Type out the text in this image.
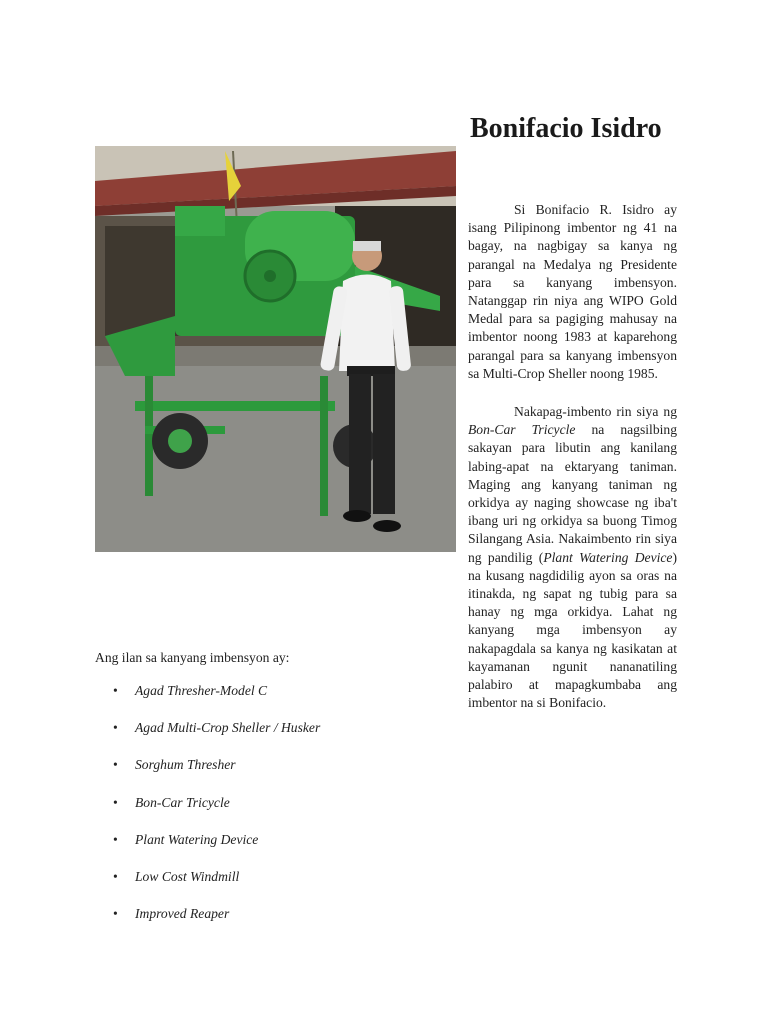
Bonifacio Isidro

Si Bonifacio R. Isidro ay isang Pilipinong imbentor ng 41 na bagay, na nagbigay sa kanya ng parangal na Medalya ng Presidente para sa kanyang imbensyon. Natanggap rin niya ang WIPO Gold Medal para sa pagiging mahusay na imbentor noong 1983 at kaparehong parangal para sa kanyang imbensyon sa Multi-Crop Sheller noong 1985.

Nakapag-imbento rin siya ng Bon-Car Tricycle na nagsilbing sakayan para libutin ang kanilang labing-apat na ektaryang taniman. Maging ang kanyang taniman ng orkidya ay naging showcase ng iba't ibang uri ng orkidya sa buong Timog Silangang Asia. Nakaimbento rin siya ng pandilig (Plant Watering Device) na kusang nagdidilig ayon sa oras na itinakda, ng sapat ng tubig para sa hanay ng mga orkidya. Lahat ng kanyang mga imbensyon ay nakapagdala sa kanya ng kasikatan at kayamanan ngunit nananatiling palabiro at mapagkumbaba ang imbentor na si Bonifacio.

Ang ilan sa kanyang imbensyon ay:

• Agad Thresher-Model C
• Agad Multi-Crop Sheller / Husker
• Sorghum Thresher
• Bon-Car Tricycle
• Plant Watering Device
• Low Cost Windmill
• Improved Reaper
